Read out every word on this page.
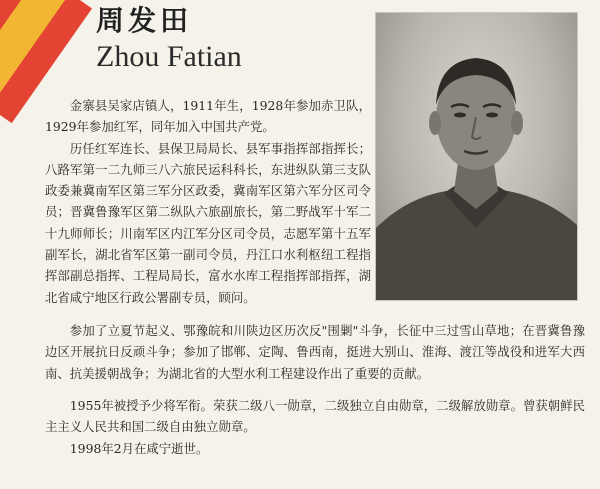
周发田
Zhou Fatian

金寨县吴家店镇人，1911年生，1928年参加赤卫队，1929年参加红军，同年加入中国共产党。

历任红军连长、县保卫局局长、县军事指挥部指挥长；八路军第一二九师三八六旅民运科科长，东进纵队第三支队政委兼冀南军区第三军分区政委，冀南军区第六军分区司令员；晋冀鲁豫军区第二纵队六旅副旅长，第二野战军十军二十九师师长；川南军区内江军分区司令员，志愿军第十五军副军长，湖北省军区第一副司令员，丹江口水利枢纽工程指挥部副总指挥、工程局局长，富水水库工程指挥部指挥，湖北省咸宁地区行政公署副专员，顾问。

参加了立夏节起义、鄂豫皖和川陕边区历次反"围剿"斗争，长征中三过雪山草地；在晋冀鲁豫边区开展抗日反顽斗争；参加了邯郸、定陶、鲁西南，挺进大别山、淮海、渡江等战役和进军大西南、抗美援朝战争；为湖北省的大型水利工程建设作出了重要的贡献。

1955年被授予少将军衔。荣获二级八一勋章，二级独立自由勋章，二级解放勋章。曾获朝鲜民主主义人民共和国二级自由独立勋章。

1998年2月在咸宁逝世。
